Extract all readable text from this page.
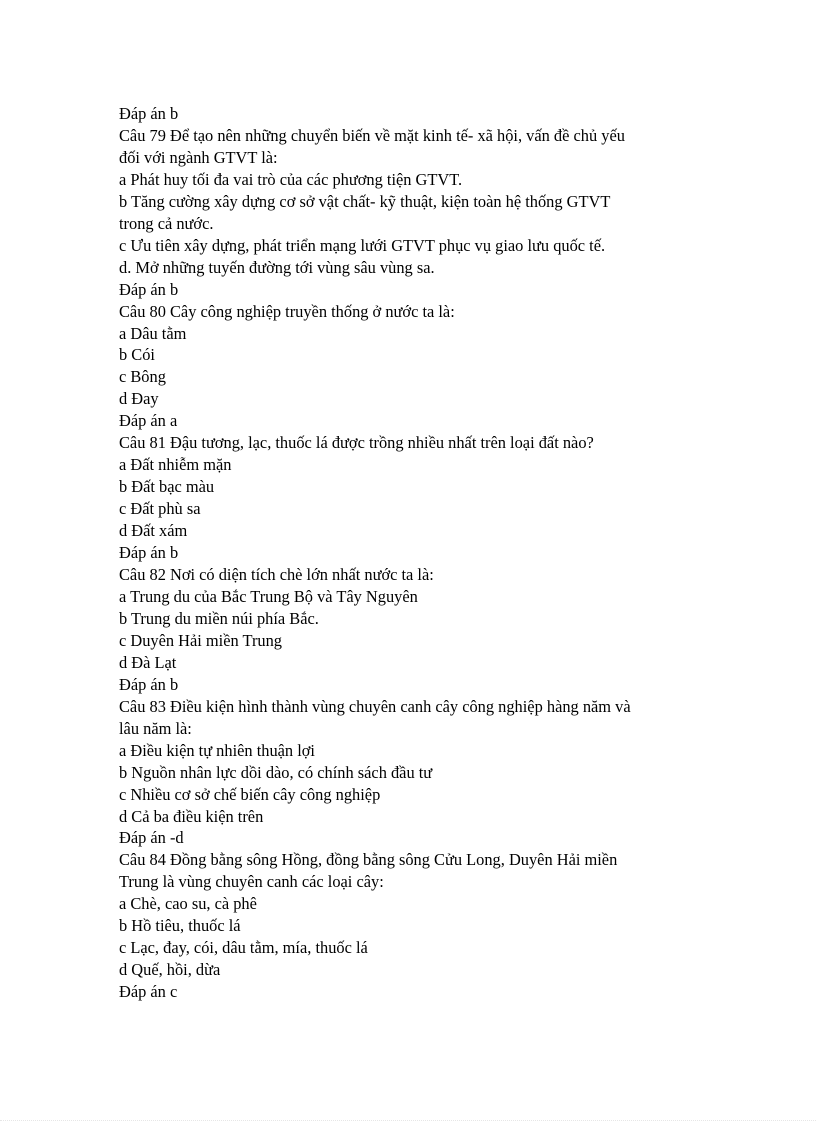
Đáp án b
Câu 79 Để tạo nên những chuyển biến về mặt kinh tế- xã hội, vấn đề chủ yếu
đối với ngành GTVT là:
a Phát huy tối đa vai trò của các phương tiện GTVT.
b Tăng cường xây dựng cơ sở vật chất- kỹ thuật, kiện toàn hệ thống GTVT
trong cả nước.
c Ưu tiên xây dựng, phát triển mạng lưới GTVT phục vụ giao lưu quốc tế.
d. Mở những tuyến đường tới vùng sâu vùng sa.
Đáp án b
Câu 80 Cây công nghiệp truyền thống ở nước ta là:
a Dâu tằm
b Cói
c Bông
d Đay
Đáp án a
Câu 81 Đậu tương, lạc, thuốc lá được trồng nhiều nhất trên loại đất nào?
a Đất nhiễm mặn
b Đất bạc màu
c Đất phù sa
d Đất xám
Đáp án b
Câu 82 Nơi có diện tích chè lớn nhất nước ta là:
a Trung du của Bắc Trung Bộ và Tây Nguyên
b Trung du miền núi phía Bắc.
c Duyên Hải miền Trung
d Đà Lạt
Đáp án b
Câu 83 Điều kiện hình thành vùng chuyên canh cây công nghiệp hàng năm và
lâu năm là:
a Điều kiện tự nhiên thuận lợi
b Nguồn nhân lực dồi dào, có chính sách đầu tư
c Nhiều cơ sở chế biến cây công nghiệp
d Cả ba điều kiện trên
Đáp án -d
Câu 84 Đồng bằng sông Hồng, đồng bằng sông Cửu Long, Duyên Hải miền
Trung là vùng chuyên canh các loại cây:
a Chè, cao su, cà phê
b Hồ tiêu, thuốc lá
c Lạc, đay, cói, dâu tằm, mía, thuốc lá
d Quế, hồi, dừa
Đáp án c
